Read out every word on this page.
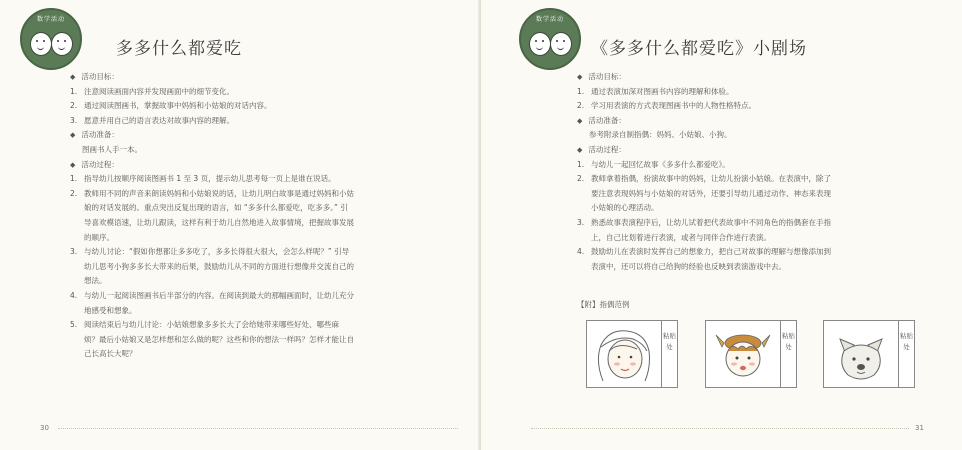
数学活动
多多什么都爱吃
◆ 活动目标：
1. 注意阅读画面内容并发现画面中的细节变化。
2. 通过阅读图画书，掌握故事中妈妈和小姑娘的对话内容。
3. 愿意并用自己的语言表达对故事内容的理解。
◆ 活动准备：
图画书人手一本。
◆ 活动过程：
1. 指导幼儿按顺序阅读图画书 1 至 3 页，提示幼儿思考每一页上是谁在说话。
2. 教师用不同的声音来朗读妈妈和小姑娘说的话，让幼儿明白故事是通过妈妈和小姑
娘的对话发展的。重点突出反复出现的语言，如 “多多什么都爱吃，吃多多。” 引
导喜欢模语速，让幼儿跟读，这样有利于幼儿自然地进入故事情境，把握故事发展
的顺序。
3. 与幼儿讨论：“假如你想都让多多吃了，多多长得很大很大，会怎么样呢？” 引导
幼儿思考小狗多多长大带来的后果，鼓励幼儿从不同的方面进行想像并交流自己的
想法。
4. 与幼儿一起阅读图画书后半部分的内容。在阅读到最大的那幅画面时，让幼儿充分
地感受和想象。
5. 阅读结束后与幼儿讨论：小姑娘想象多多长大了会给她带来哪些好处、哪些麻
烦？最后小姑娘又是怎样想和怎么做的呢？这些和你的想法一样吗？怎样才能让自
己长高长大呢？
30
数学活动
《多多什么都爱吃》小剧场
◆ 活动目标：
1. 通过表演加深对图画书内容的理解和体验。
2. 学习用表演的方式表现图画书中的人物性格特点。
◆ 活动准备：
参考附录自制指偶：妈妈、小姑娘、小狗。
◆ 活动过程：
1. 与幼儿一起回忆故事《多多什么都爱吃》。
2. 教师拿着指偶，扮演故事中的妈妈，让幼儿扮演小姑娘。在表演中，除了
要注意表现妈妈与小姑娘的对话外，还要引导幼儿通过动作、神态来表现
小姑娘的心理活动。
3. 熟悉故事表演程序后，让幼儿试着把代表故事中不同角色的指偶套在手指
上，自己比划着进行表演，或者与同伴合作进行表演。
4. 鼓励幼儿在表演时发挥自己的想象力，把自己对故事的理解与想像添加到
表演中，还可以将自己给狗的经验也反映到表演游戏中去。
【附】指偶范例
粘贴处
粘贴处
粘贴处
31
